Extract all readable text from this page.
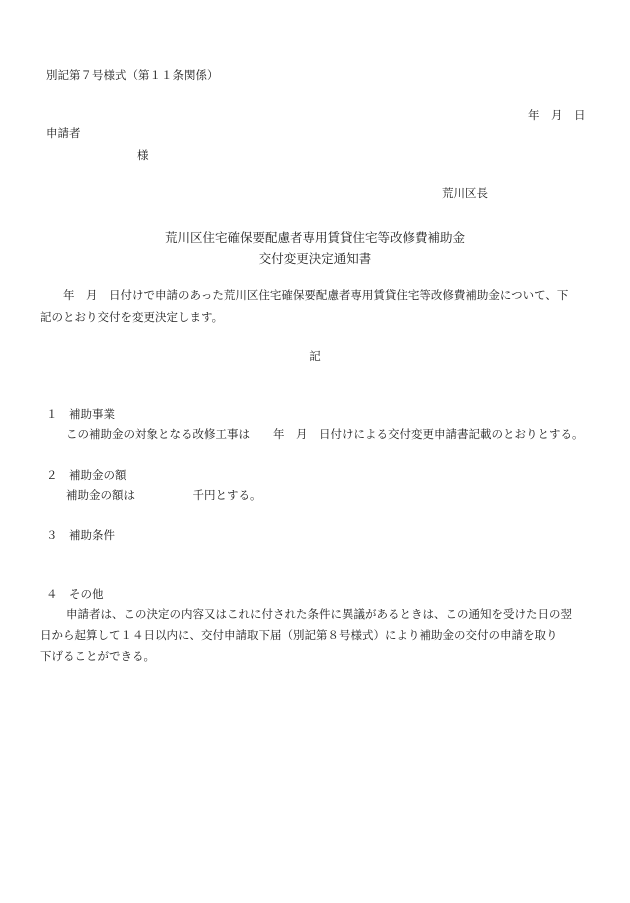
別記第７号様式（第１１条関係）
年　月　日
申請者
様
荒川区長
荒川区住宅確保要配慮者専用賃貸住宅等改修費補助金
交付変更決定通知書
　　年　月　日付けで申請のあった荒川区住宅確保要配慮者専用賃貸住宅等改修費補助金について、下
記のとおり交付を変更決定します。
記
１　補助事業
この補助金の対象となる改修工事は　　年　月　日付けによる交付変更申請書記載のとおりとする。
２　補助金の額
補助金の額は　　　　　千円とする。
３　補助条件
４　その他
申請者は、この決定の内容又はこれに付された条件に異議があるときは、この通知を受けた日の翌
日から起算して１４日以内に、交付申請取下届（別記第８号様式）により補助金の交付の申請を取り
下げることができる。
